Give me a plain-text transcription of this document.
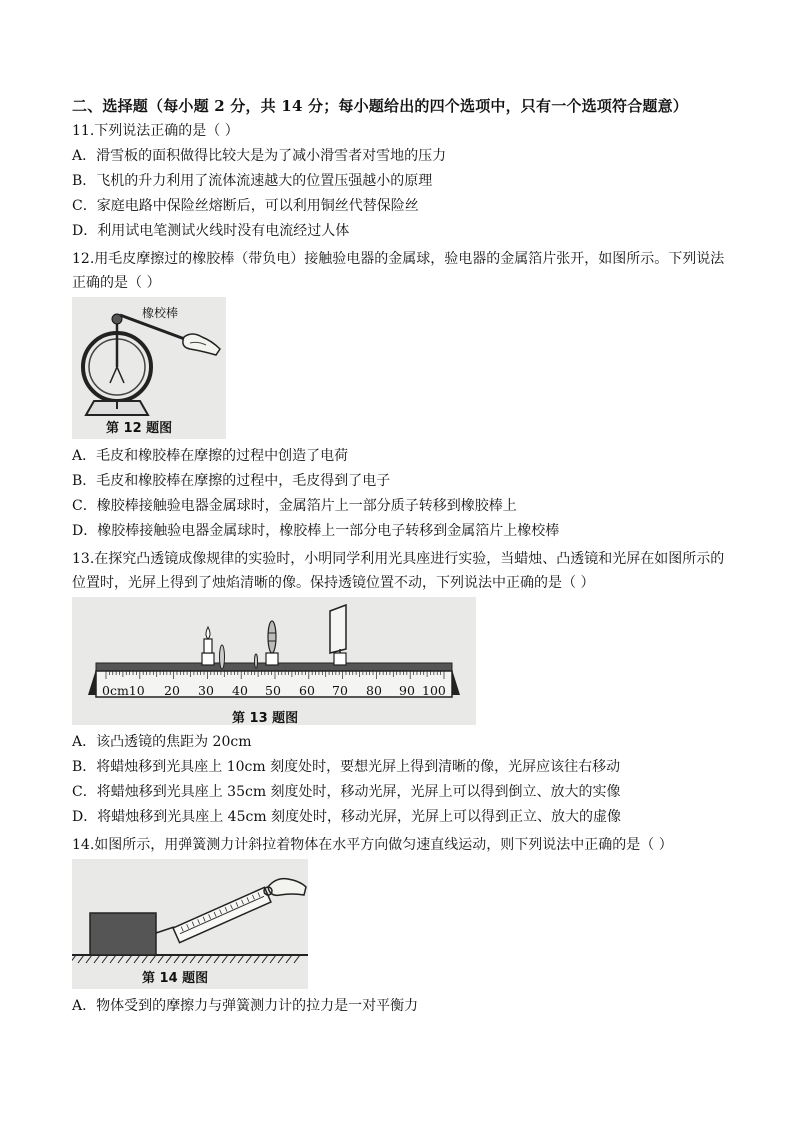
二、选择题（每小题 2 分，共 14 分；每小题给出的四个选项中，只有一个选项符合题意）
11.下列说法正确的是（ ）
A．滑雪板的面积做得比较大是为了减小滑雪者对雪地的压力
B．飞机的升力利用了流体流速越大的位置压强越小的原理
C．家庭电路中保险丝熔断后，可以利用铜丝代替保险丝
D．利用试电笔测试火线时没有电流经过人体
12.用毛皮摩擦过的橡胶棒（带负电）接触验电器的金属球，验电器的金属箔片张开，如图所示。下列说法
正确的是（ ）
橡校棒
第 12 题图
A．毛皮和橡胶棒在摩擦的过程中创造了电荷
B．毛皮和橡胶棒在摩擦的过程中，毛皮得到了电子
C．橡胶棒接触验电器金属球时，金属箔片上一部分质子转移到橡胶棒上
D．橡胶棒接触验电器金属球时，橡胶棒上一部分电子转移到金属箔片上橡校棒
13.在探究凸透镜成像规律的实验时，小明同学利用光具座进行实验，当蜡烛、凸透镜和光屏在如图所示的
位置时，光屏上得到了烛焰清晰的像。保持透镜位置不动，下列说法中正确的是（ ）
0cm10 20 30 40 50 60 70 80 90 100
第 13 题图
A．该凸透镜的焦距为 20cm
B．将蜡烛移到光具座上 10cm 刻度处时，要想光屏上得到清晰的像，光屏应该往右移动
C．将蜡烛移到光具座上 35cm 刻度处时，移动光屏，光屏上可以得到倒立、放大的实像
D．将蜡烛移到光具座上 45cm 刻度处时，移动光屏，光屏上可以得到正立、放大的虚像
14.如图所示，用弹簧测力计斜拉着物体在水平方向做匀速直线运动，则下列说法中正确的是（ ）
第 14 题图
A．物体受到的摩擦力与弹簧测力计的拉力是一对平衡力
